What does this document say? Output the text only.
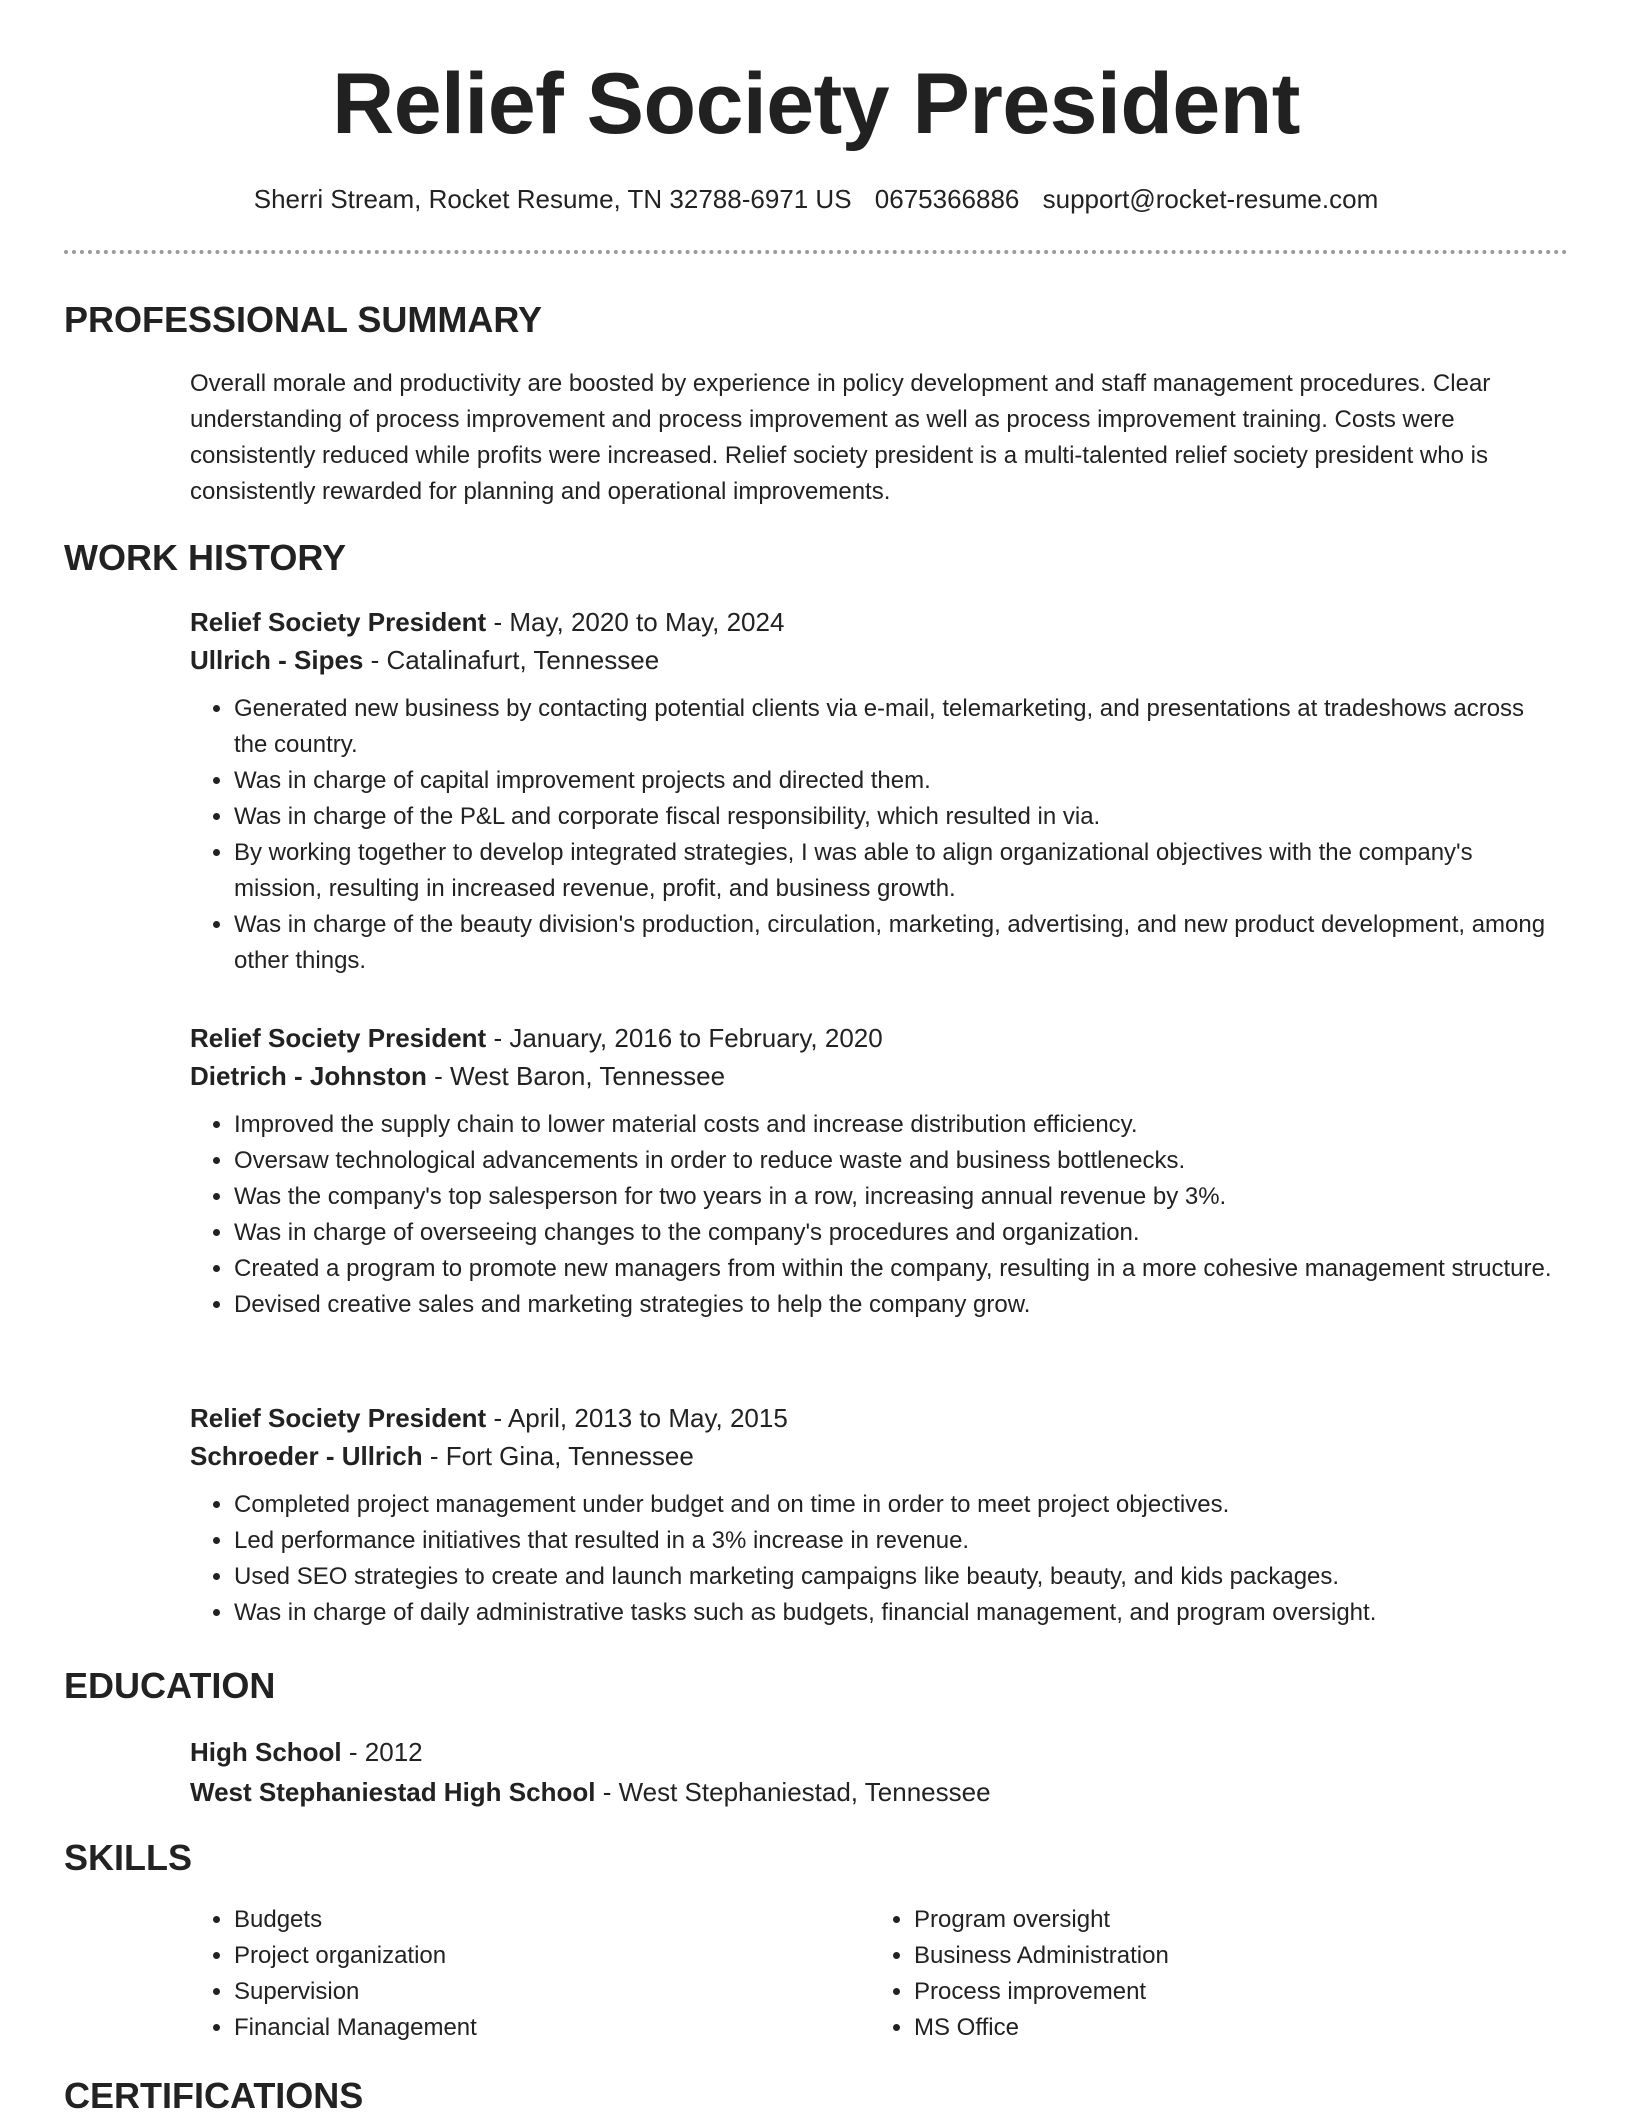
Relief Society President
Sherri Stream, Rocket Resume, TN 32788-6971 US 0675366886 support@rocket-resume.com
PROFESSIONAL SUMMARY

Overall morale and productivity are boosted by experience in policy development and staff management procedures. Clear understanding of process improvement and process improvement as well as process improvement training. Costs were consistently reduced while profits were increased. Relief society president is a multi-talented relief society president who is consistently rewarded for planning and operational improvements.

WORK HISTORY

Relief Society President - May, 2020 to May, 2024

Ullrich - Sipes - Catalinafurt, Tennessee

• Generated new business by contacting potential clients via e-mail, telemarketing, and presentations at tradeshows across the country.
• Was in charge of capital improvement projects and directed them.
• Was in charge of the P&L and corporate fiscal responsibility, which resulted in via.
• By working together to develop integrated strategies, I was able to align organizational objectives with the company's mission, resulting in increased revenue, profit, and business growth.
• Was in charge of the beauty division's production, circulation, marketing, advertising, and new product development, among other things.

Relief Society President - January, 2016 to February, 2020

Dietrich - Johnston - West Baron, Tennessee

• Improved the supply chain to lower material costs and increase distribution efficiency.
• Oversaw technological advancements in order to reduce waste and business bottlenecks.
• Was the company's top salesperson for two years in a row, increasing annual revenue by 3%.
• Was in charge of overseeing changes to the company's procedures and organization.
• Created a program to promote new managers from within the company, resulting in a more cohesive management structure.
• Devised creative sales and marketing strategies to help the company grow.

Relief Society President - April, 2013 to May, 2015

Schroeder - Ullrich - Fort Gina, Tennessee

• Completed project management under budget and on time in order to meet project objectives.
• Led performance initiatives that resulted in a 3% increase in revenue.
• Used SEO strategies to create and launch marketing campaigns like beauty, beauty, and kids packages.
• Was in charge of daily administrative tasks such as budgets, financial management, and program oversight.
EDUCATION

High School - 2012

West Stephaniestad High School - West Stephaniestad, Tennessee

SKILLS
• Budgets
• Project organization
• Supervision
• Financial Management
• Program oversight
• Business Administration
• Process improvement
• MS Office
CERTIFICATIONS
